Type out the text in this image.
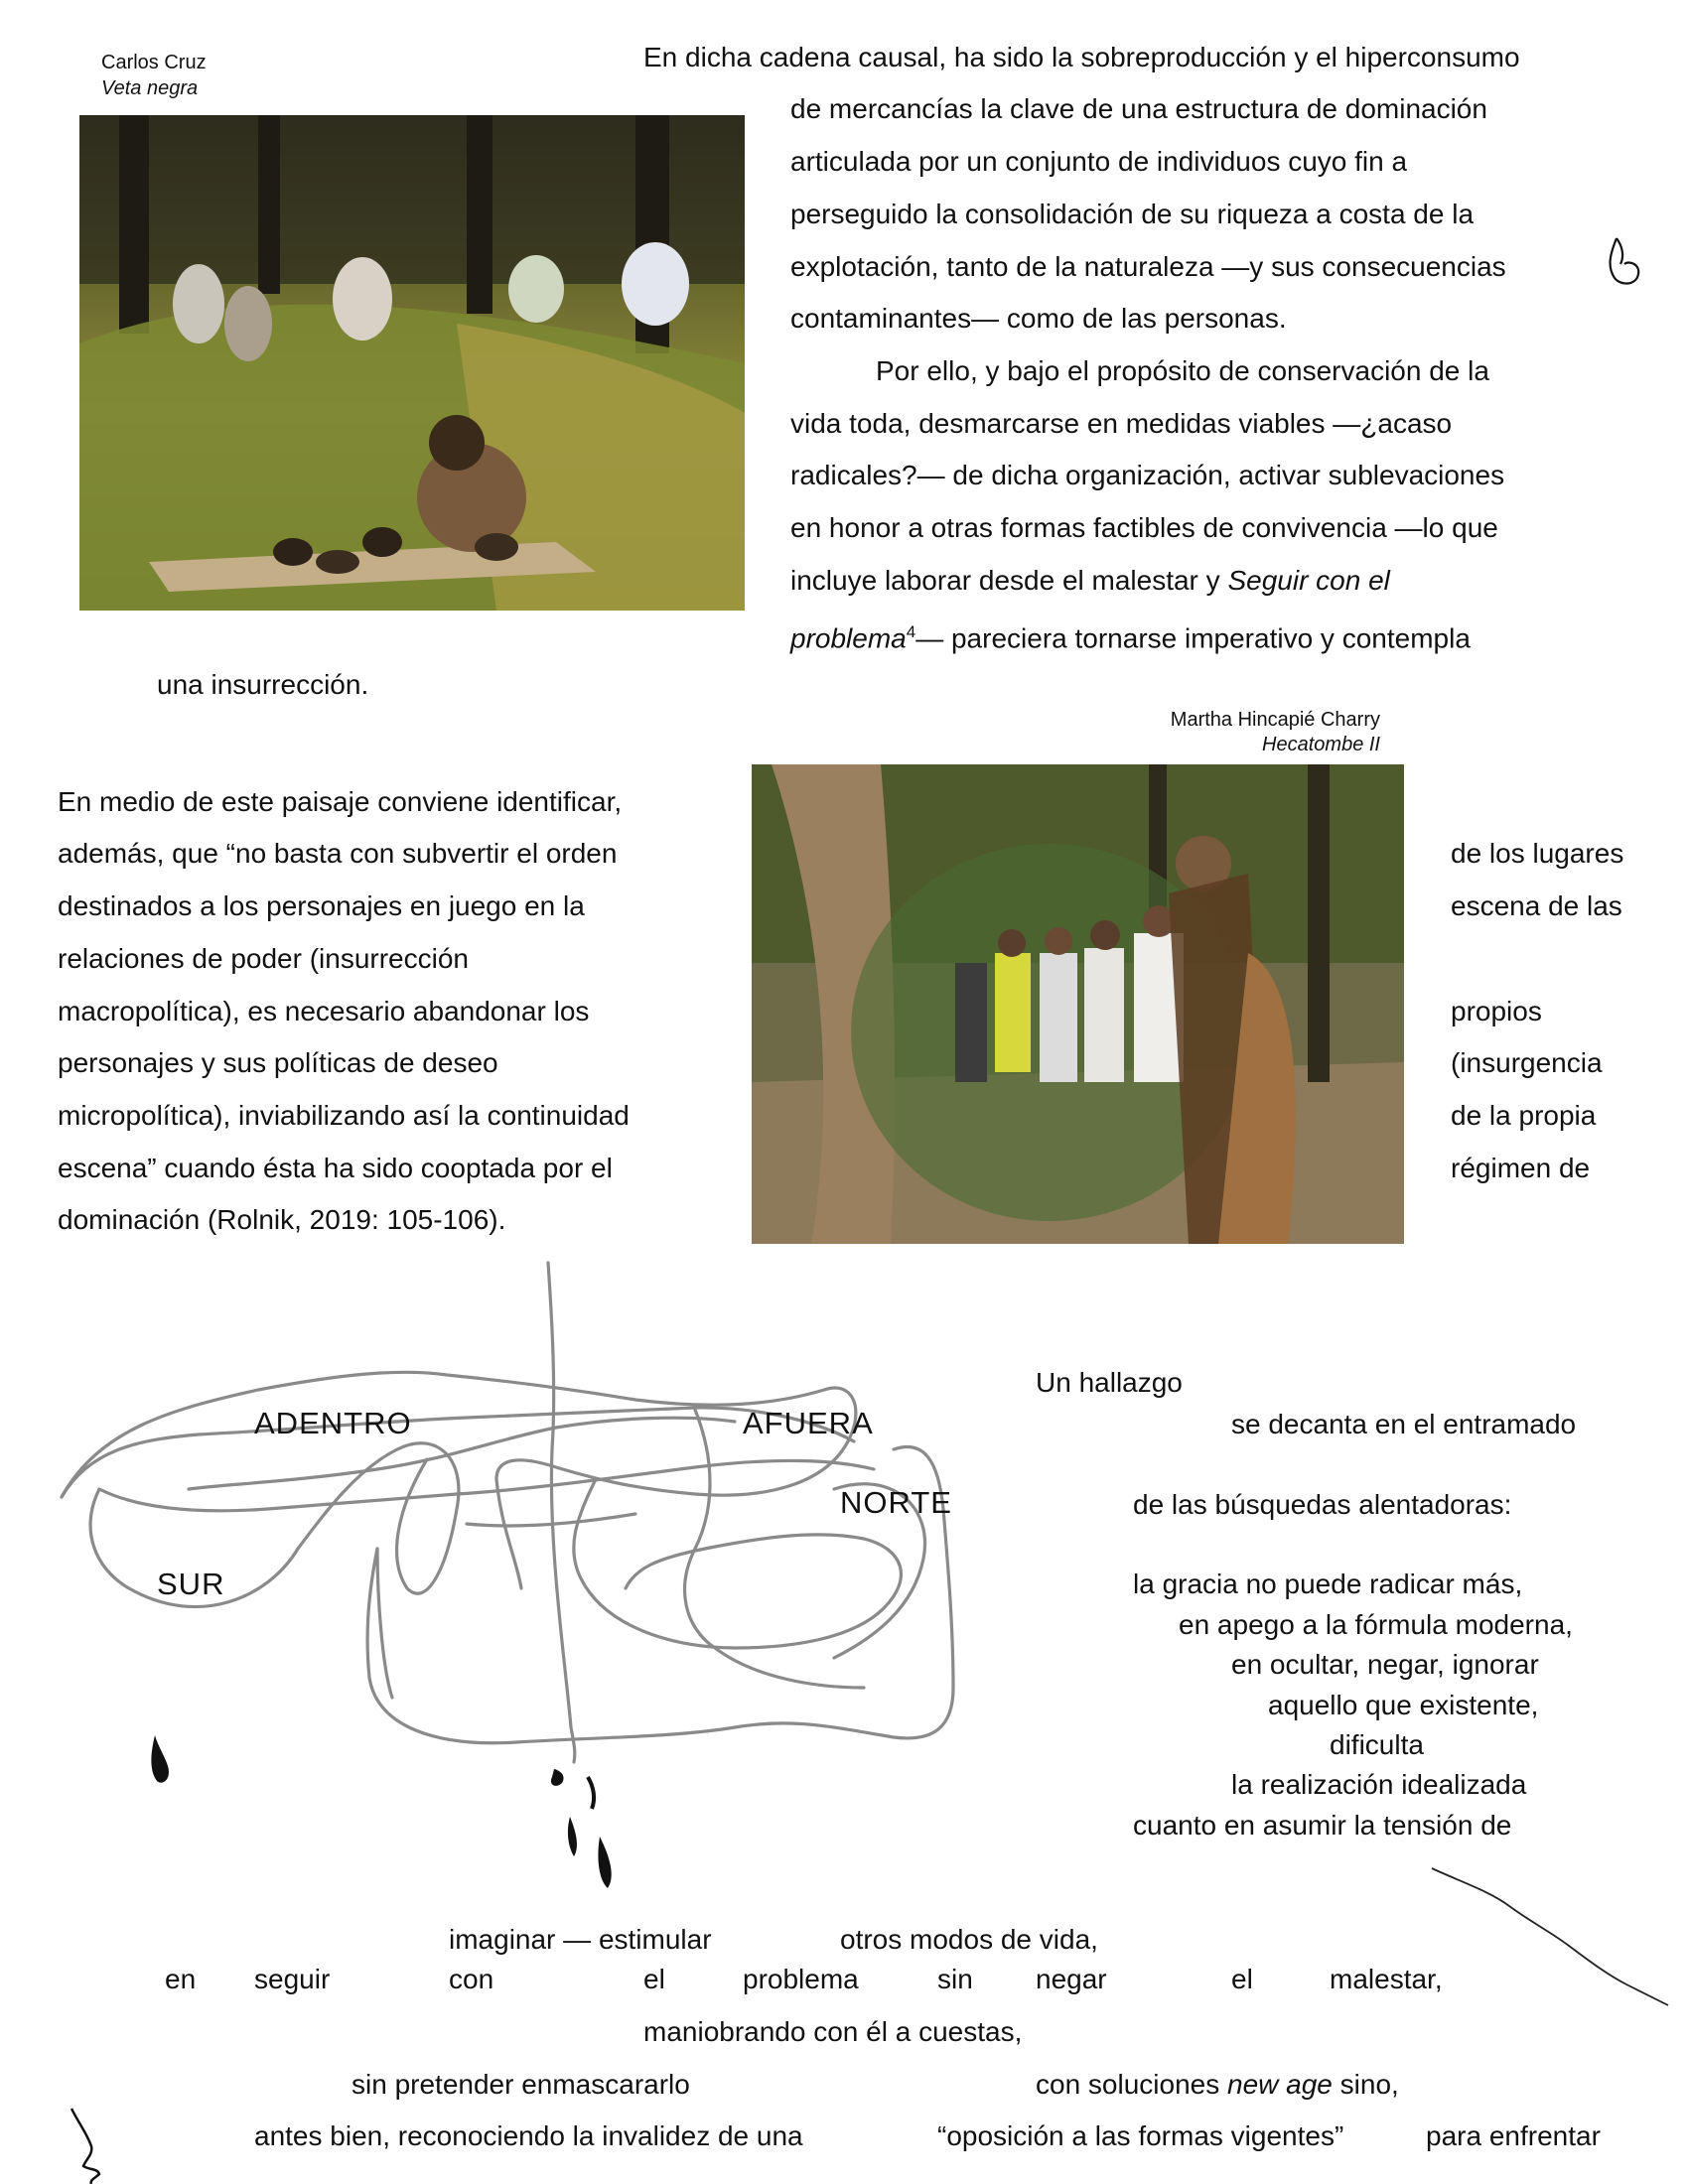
Carlos Cruz
Veta negra
En dicha cadena causal, ha sido la sobreproducción y el hiperconsumo
de mercancías la clave de una estructura de dominación
articulada por un conjunto de individuos cuyo fin a
perseguido la consolidación de su riqueza a costa de la
explotación, tanto de la naturaleza —y sus consecuencias
contaminantes— como de las personas.
Por ello, y bajo el propósito de conservación de la
vida toda, desmarcarse en medidas viables —¿acaso
radicales?— de dicha organización, activar sublevaciones
en honor a otras formas factibles de convivencia —lo que
incluye laborar desde el malestar y Seguir con el
problema$^4$— pareciera tornarse imperativo y contempla
una insurrección.
Martha Hincapié Charry
Hecatombe II
En medio de este paisaje conviene identificar,
además, que “no basta con subvertir el orden
destinados a los personajes en juego en la
relaciones de poder (insurrección
macropolítica), es necesario abandonar los
personajes y sus políticas de deseo
micropolítica), inviabilizando así la continuidad
escena” cuando ésta ha sido cooptada por el
dominación (Rolnik, 2019: 105-106).
de los lugares
escena de las
propios
(insurgencia
de la propia
régimen de
ADENTRO	AFUERA
NORTE
SUR
Un hallazgo
se decanta en el entramado
de las búsquedas alentadoras:
la gracia no puede radicar más,
en apego a la fórmula moderna,
en ocultar, negar, ignorar
aquello que existente,
dificulta
la realización idealizada
cuanto en asumir la tensión de
imaginar — estimular	otros modos de vida,
en seguir	con	el	problema	sin negar	el	malestar,
maniobrando con él a cuestas,
sin pretender enmascararlo	con soluciones new age sino,
antes bien, reconociendo la invalidez de una	“oposición a las formas vigentes”	para enfrentar
